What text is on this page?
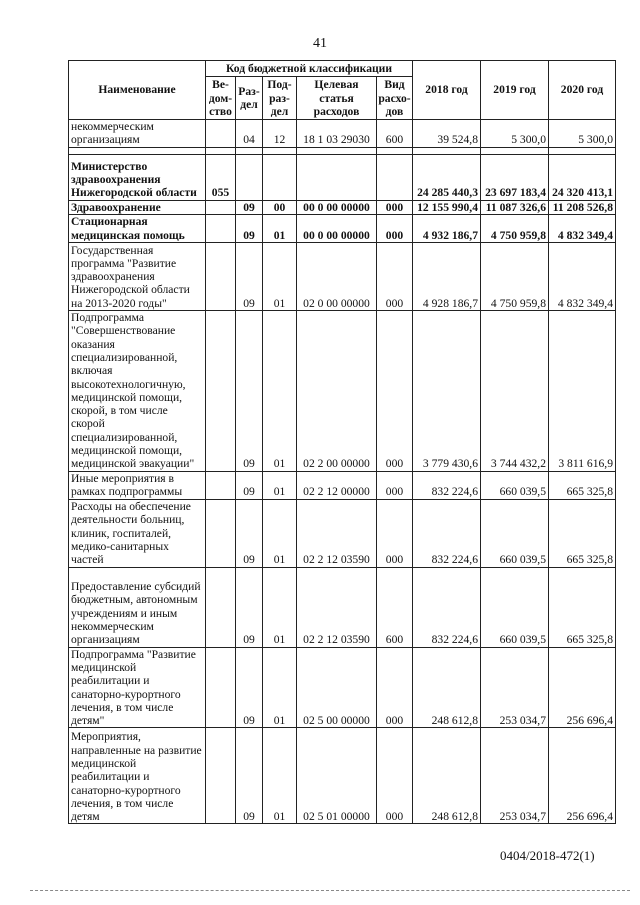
41
Наименование	Код бюджетной классификации					2018 год	2019 год	2020 год
	Ве-дом-ство	Раз-дел	Под-раз-дел	Целевая статья расходов	Вид расхо-дов			
некоммерческим организациям		04	12	18 1 03 29030	600	39 524,8	5 300,0	5 300,0

Министерство здравоохранения Нижегородской области	055					24 285 440,3	23 697 183,4	24 320 413,1
Здравоохранение		09	00	00 0 00 00000	000	12 155 990,4	11 087 326,6	11 208 526,8
Стационарная медицинская помощь		09	01	00 0 00 00000	000	4 932 186,7	4 750 959,8	4 832 349,4
Государственная программа "Развитие здравоохранения Нижегородской области на 2013-2020 годы"		09	01	02 0 00 00000	000	4 928 186,7	4 750 959,8	4 832 349,4
Подпрограмма "Совершенствование оказания специализированной, включая высокотехнологичную, медицинской помощи, скорой, в том числе скорой специализированной, медицинской помощи, медицинской эвакуации"		09	01	02 2 00 00000	000	3 779 430,6	3 744 432,2	3 811 616,9
Иные мероприятия в рамках подпрограммы		09	01	02 2 12 00000	000	832 224,6	660 039,5	665 325,8
Расходы на обеспечение деятельности больниц, клиник, госпиталей, медико-санитарных частей		09	01	02 2 12 03590	000	832 224,6	660 039,5	665 325,8
Предоставление субсидий бюджетным, автономным учреждениям и иным некоммерческим организациям		09	01	02 2 12 03590	600	832 224,6	660 039,5	665 325,8
Подпрограмма "Развитие медицинской реабилитации и санаторно-курортного лечения, в том числе детям"		09	01	02 5 00 00000	000	248 612,8	253 034,7	256 696,4
Мероприятия, направленные на развитие медицинской реабилитации и санаторно-курортного лечения, в том числе детям		09	01	02 5 01 00000	000	248 612,8	253 034,7	256 696,4
0404/2018-472(1)
